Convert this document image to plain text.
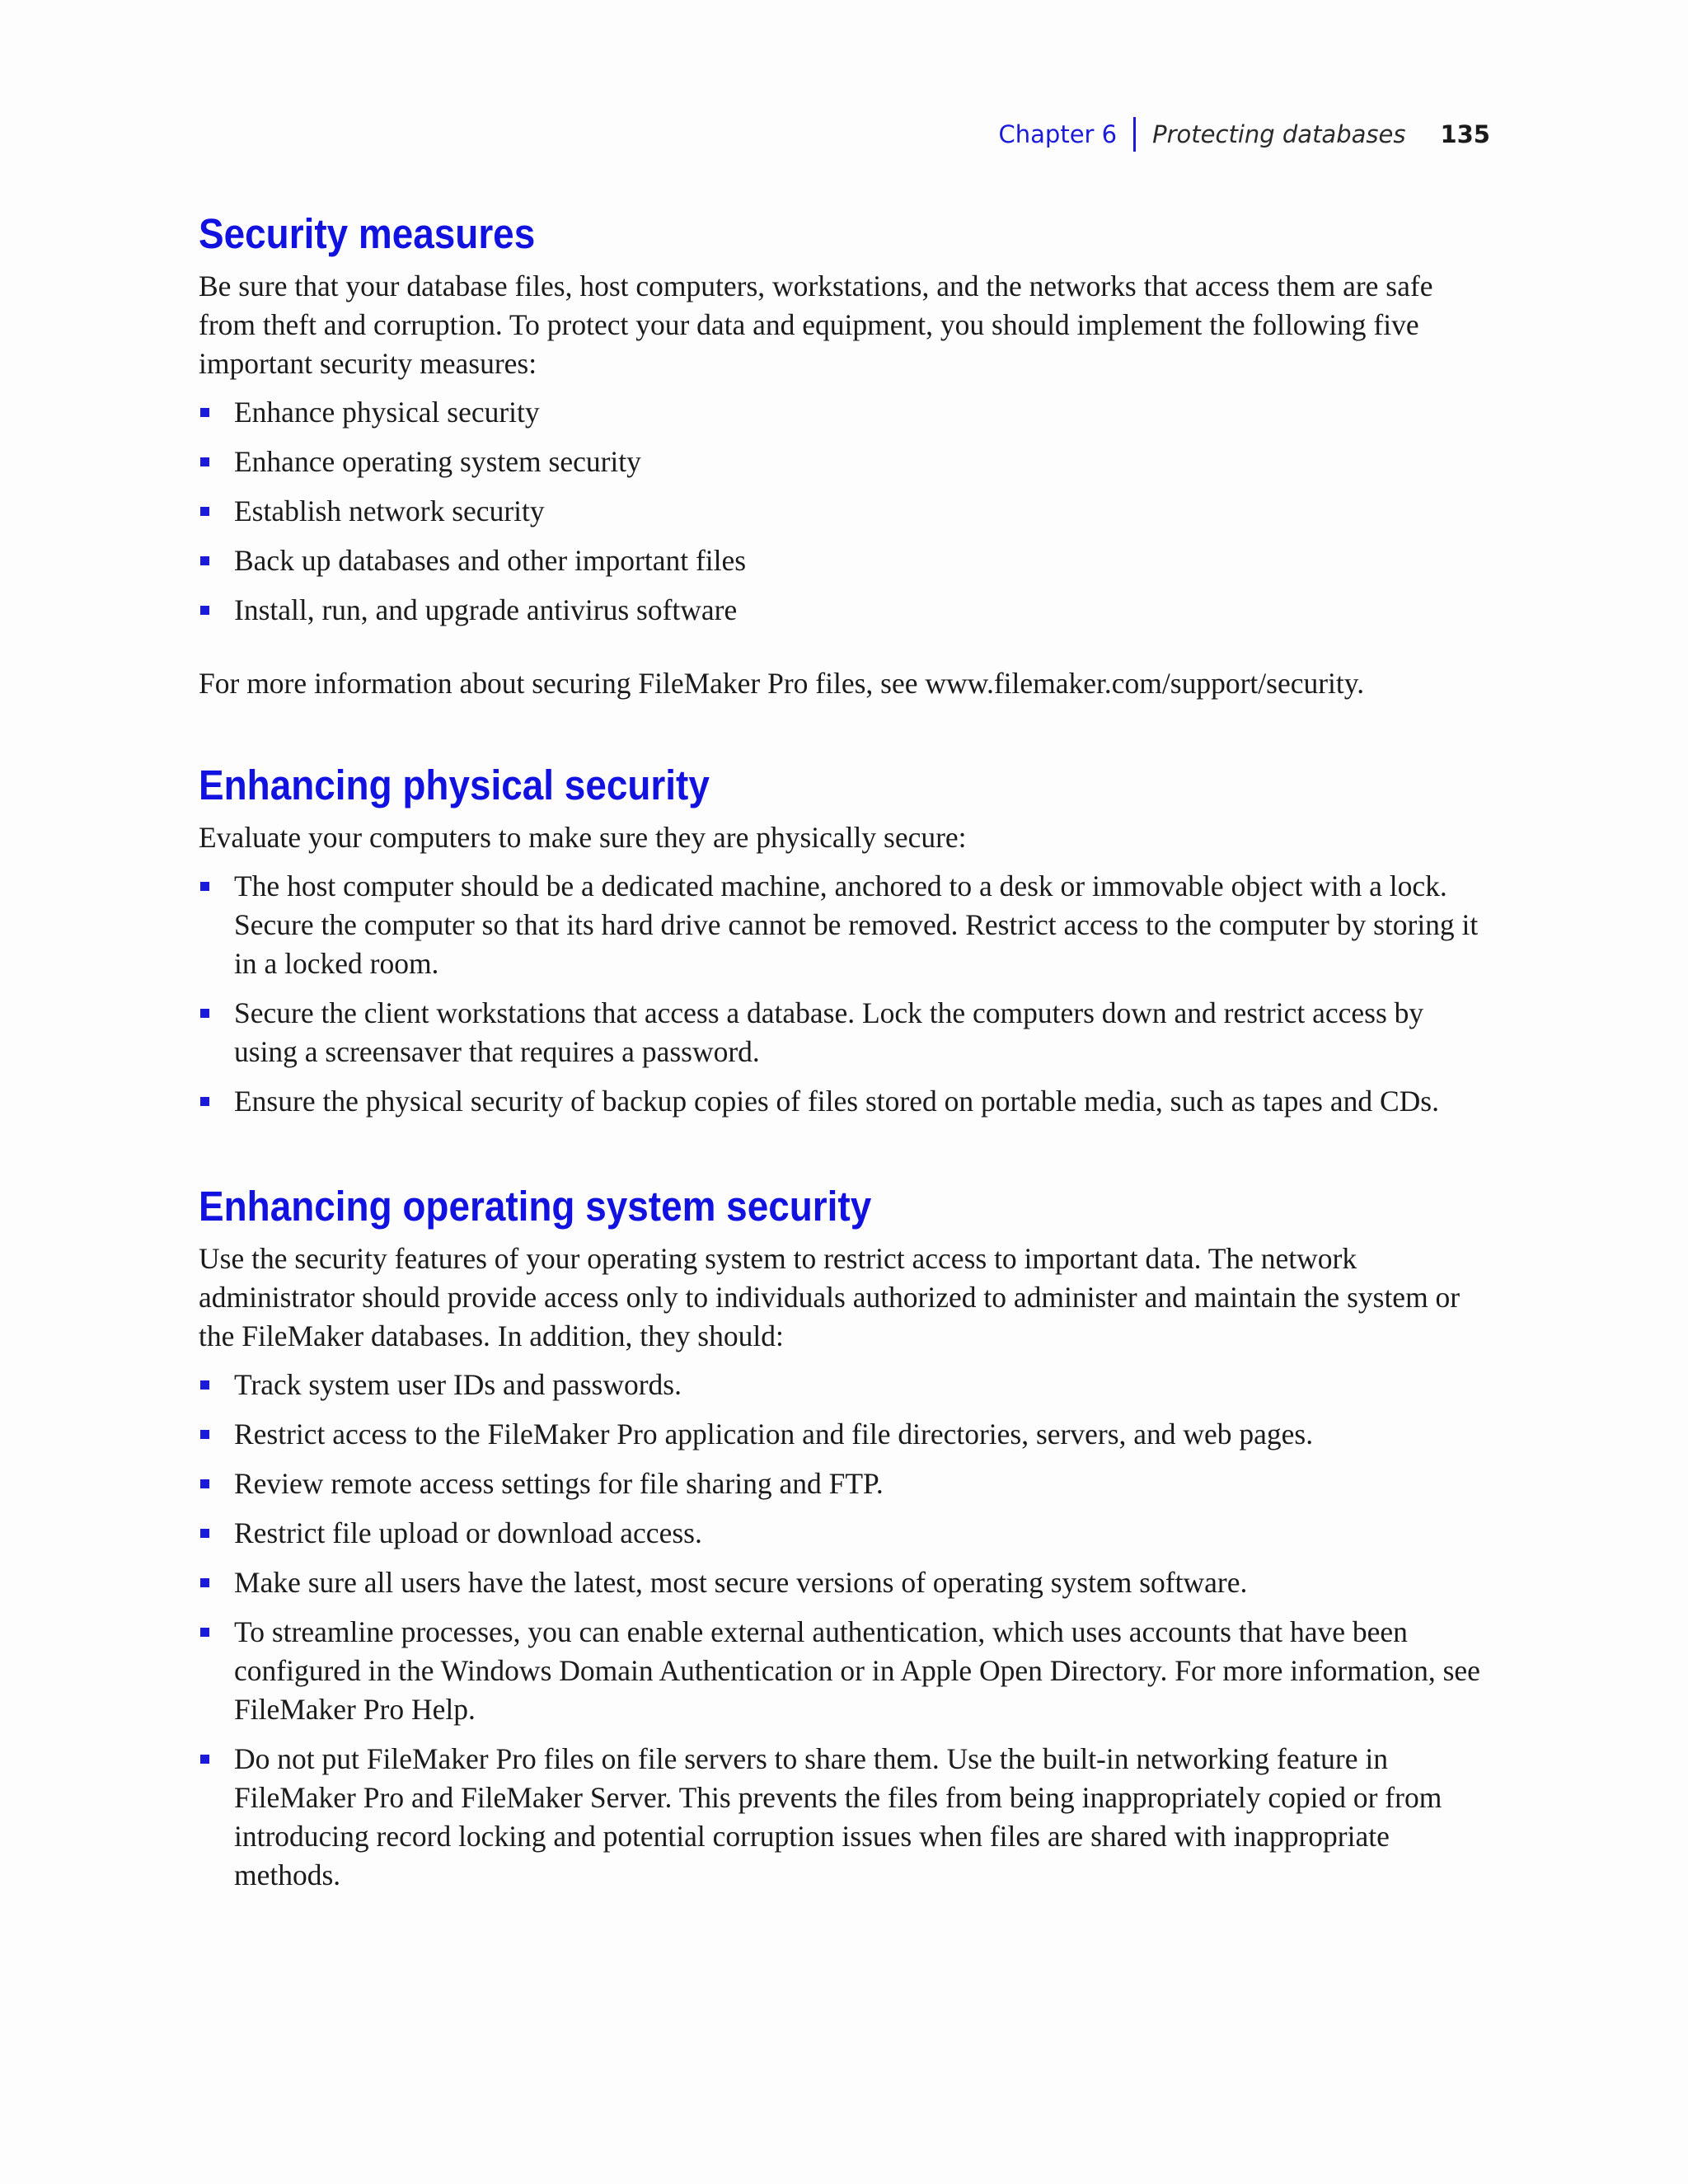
Chapter 6 Protecting databases 135
Security measures

Be sure that your database files, host computers, workstations, and the networks that access them are safe from theft and corruption. To protect your data and equipment, you should implement the following five important security measures:

Enhance physical security
Enhance operating system security
Establish network security
Back up databases and other important files
Install, run, and upgrade antivirus software

For more information about securing FileMaker Pro files, see www.filemaker.com/support/security.

Enhancing physical security

Evaluate your computers to make sure they are physically secure:

The host computer should be a dedicated machine, anchored to a desk or immovable object with a lock. Secure the computer so that its hard drive cannot be removed. Restrict access to the computer by storing it in a locked room.
Secure the client workstations that access a database. Lock the computers down and restrict access by using a screensaver that requires a password.
Ensure the physical security of backup copies of files stored on portable media, such as tapes and CDs.
Enhancing operating system security

Use the security features of your operating system to restrict access to important data. The network administrator should provide access only to individuals authorized to administer and maintain the system or the FileMaker databases. In addition, they should:

Track system user IDs and passwords.
Restrict access to the FileMaker Pro application and file directories, servers, and web pages.
Review remote access settings for file sharing and FTP.
Restrict file upload or download access.
Make sure all users have the latest, most secure versions of operating system software.
To streamline processes, you can enable external authentication, which uses accounts that have been configured in the Windows Domain Authentication or in Apple Open Directory. For more information, see FileMaker Pro Help.
Do not put FileMaker Pro files on file servers to share them. Use the built-in networking feature in FileMaker Pro and FileMaker Server. This prevents the files from being inappropriately copied or from introducing record locking and potential corruption issues when files are shared with inappropriate methods.
